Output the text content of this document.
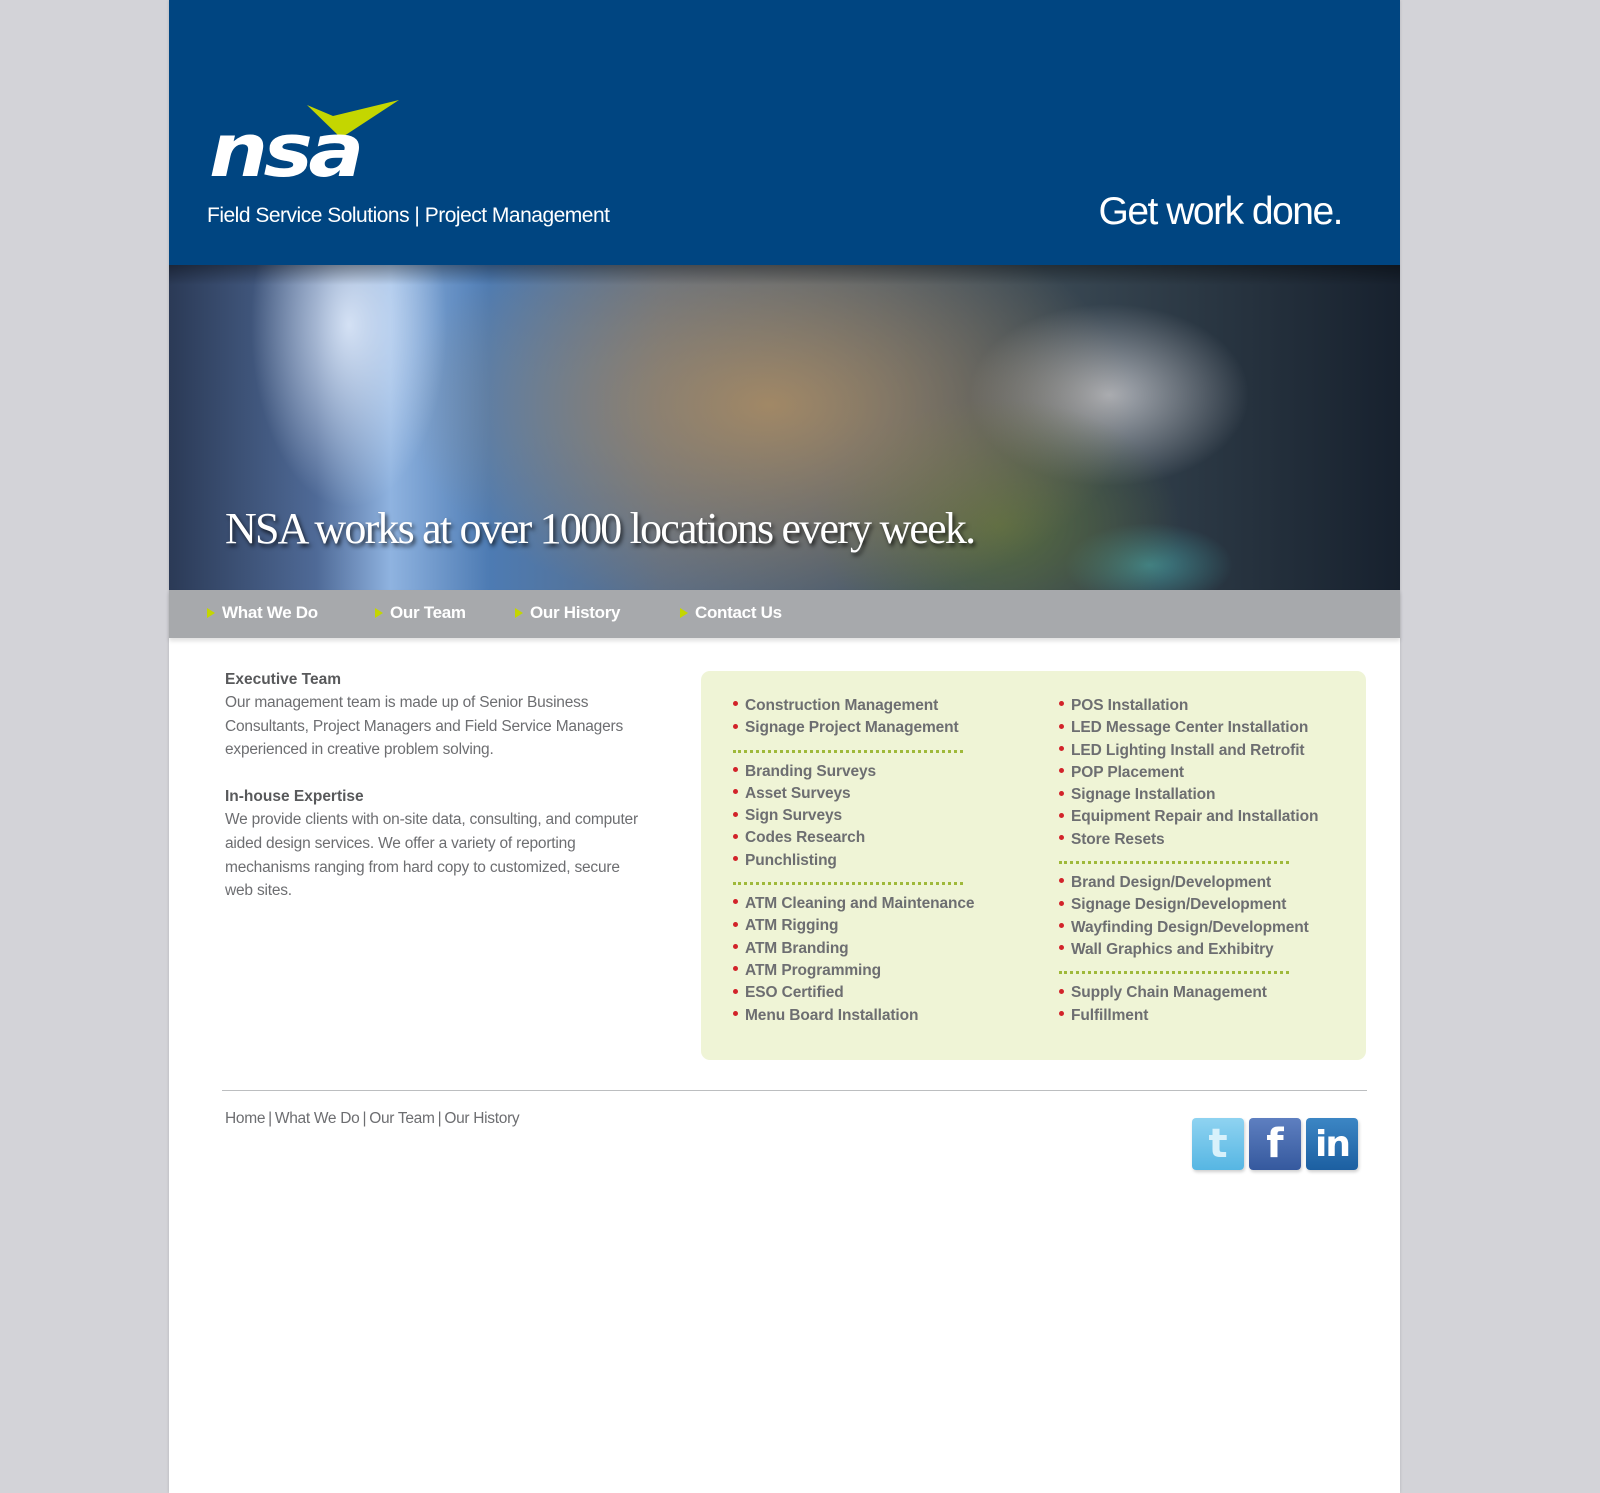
nsa
Field Service Solutions | Project Management	Get work done.
NSA works at over 1000 locations every week.
What We Do	Our Team	Our History	Contact Us
Executive Team
Our management team is made up of Senior Business Consultants, Project Managers and Field Service Managers experienced in creative problem solving.
In-house Expertise
We provide clients with on-site data, consulting, and computer aided design services. We offer a variety of reporting mechanisms ranging from hard copy to customized, secure web sites.
Construction Management
Signage Project Management
Branding Surveys
Asset Surveys
Sign Surveys
Codes Research
Punchlisting
ATM Cleaning and Maintenance
ATM Rigging
ATM Branding
ATM Programming
ESO Certified
Menu Board Installation
POS Installation
LED Message Center Installation
LED Lighting Install and Retrofit
POP Placement
Signage Installation
Equipment Repair and Installation
Store Resets
Brand Design/Development
Signage Design/Development
Wayfinding Design/Development
Wall Graphics and Exhibitry
Supply Chain Management
Fulfillment
Home | What We Do | Our Team | Our History
t f in
